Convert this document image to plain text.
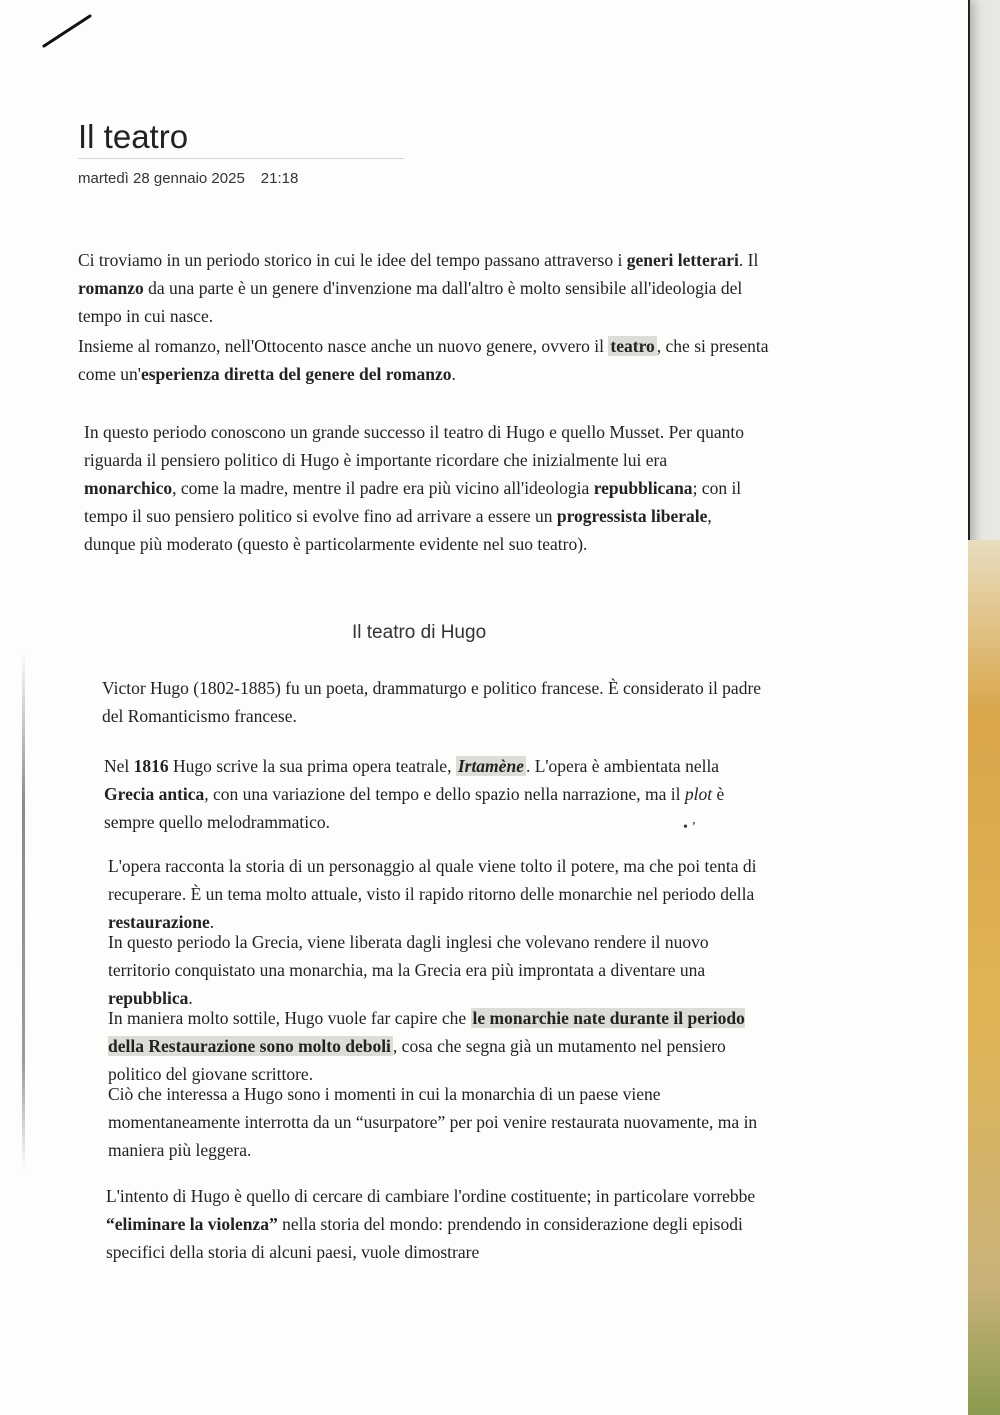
Il teatro
martedì 28 gennaio 2025 21:18

Ci troviamo in un periodo storico in cui le idee del tempo passano attraverso i generi letterari. Il romanzo da una parte è un genere d'invenzione ma dall'altro è molto sensibile all'ideologia del tempo in cui nasce.

Insieme al romanzo, nell'Ottocento nasce anche un nuovo genere, ovvero il teatro , che si presenta come un'esperienza diretta del genere del romanzo.

In questo periodo conoscono un grande successo il teatro di Hugo e quello Musset. Per quanto riguarda il pensiero politico di Hugo è importante ricordare che inizialmente lui era monarchico, come la madre, mentre il padre era più vicino all'ideologia repubblicana; con il tempo il suo pensiero politico si evolve fino ad arrivare a essere un progressista liberale, dunque più moderato (questo è particolarmente evidente nel suo teatro).

Il teatro di Hugo

Victor Hugo (1802-1885) fu un poeta, drammaturgo e politico francese. È considerato il padre del Romanticismo francese.

Nel 1816 Hugo scrive la sua prima opera teatrale, Irtamène . L'opera è ambientata nella Grecia antica, con una variazione del tempo e dello spazio nella narrazione, ma il plot è sempre quello melodrammatico.	• ’

L'opera racconta la storia di un personaggio al quale viene tolto il potere, ma che poi tenta di recuperare. È un tema molto attuale, visto il rapido ritorno delle monarchie nel periodo della restaurazione.

In questo periodo la Grecia, viene liberata dagli inglesi che volevano rendere il nuovo territorio conquistato una monarchia, ma la Grecia era più improntata a diventare una repubblica.

In maniera molto sottile, Hugo vuole far capire che le monarchie nate durante il periodo della Restaurazione sono molto deboli , cosa che segna già un mutamento nel pensiero politico del giovane scrittore.

Ciò che interessa a Hugo sono i momenti in cui la monarchia di un paese viene momentaneamente interrotta da un “usurpatore” per poi venire restaurata nuovamente, ma in maniera più leggera.

L'intento di Hugo è quello di cercare di cambiare l'ordine costituente; in particolare vorrebbe “eliminare la violenza” nella storia del mondo: prendendo in considerazione degli episodi specifici della storia di alcuni paesi, vuole dimostrare
